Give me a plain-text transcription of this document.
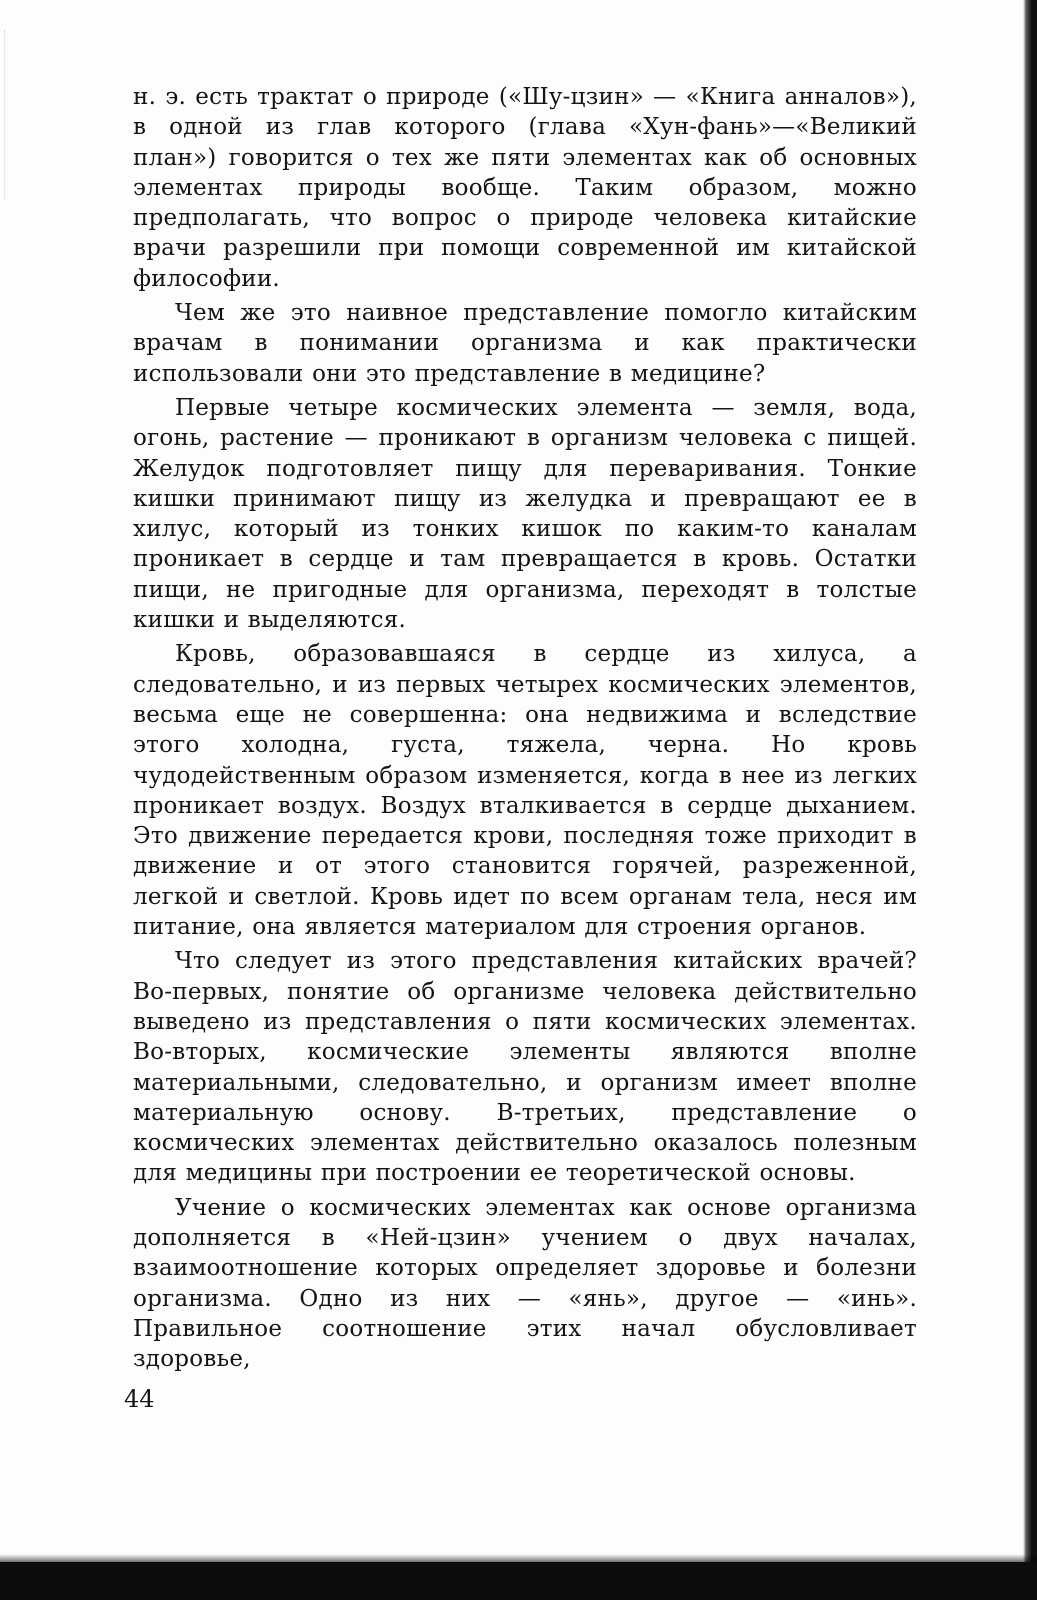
н. э. есть трактат о природе («Шу-цзин» — «Книга анналов»), в одной из глав которого (глава «Хун-фань»—«Великий план») говорится о тех же пяти элементах как об основных элементах природы вообще. Таким образом, можно предполагать, что вопрос о природе человека китайские врачи разрешили при помощи современной им китайской философии.

Чем же это наивное представление помогло китайским врачам в понимании организма и как практически использовали они это представление в медицине?

Первые четыре космических элемента — земля, вода, огонь, растение — проникают в организм человека с пищей. Желудок подготовляет пищу для переваривания. Тонкие кишки принимают пищу из желудка и превращают ее в хилус, который из тонких кишок по каким-то каналам проникает в сердце и там превращается в кровь. Остатки пищи, не пригодные для организма, переходят в толстые кишки и выделяются.

Кровь, образовавшаяся в сердце из хилуса, а следовательно, и из первых четырех космических элементов, весьма еще не совершенна: она недвижима и вследствие этого холодна, густа, тяжела, черна. Но кровь чудодейственным образом изменяется, когда в нее из легких проникает воздух. Воздух вталкивается в сердце дыханием. Это движение передается крови, последняя тоже приходит в движение и от этого становится горячей, разреженной, легкой и светлой. Кровь идет по всем органам тела, неся им питание, она является материалом для строения органов.

Что следует из этого представления китайских врачей? Во-первых, понятие об организме человека действительно выведено из представления о пяти космических элементах. Во-вторых, космические элементы являются вполне материальными, следовательно, и организм имеет вполне материальную основу. В-третьих, представление о космических элементах действительно оказалось полезным для медицины при построении ее теоретической основы.

Учение о космических элементах как основе организма дополняется в «Ней-цзин» учением о двух началах, взаимоотношение которых определяет здоровье и болезни организма. Одно из них — «янь», другое — «инь». Правильное соотношение этих начал обусловливает здоровье,

44
